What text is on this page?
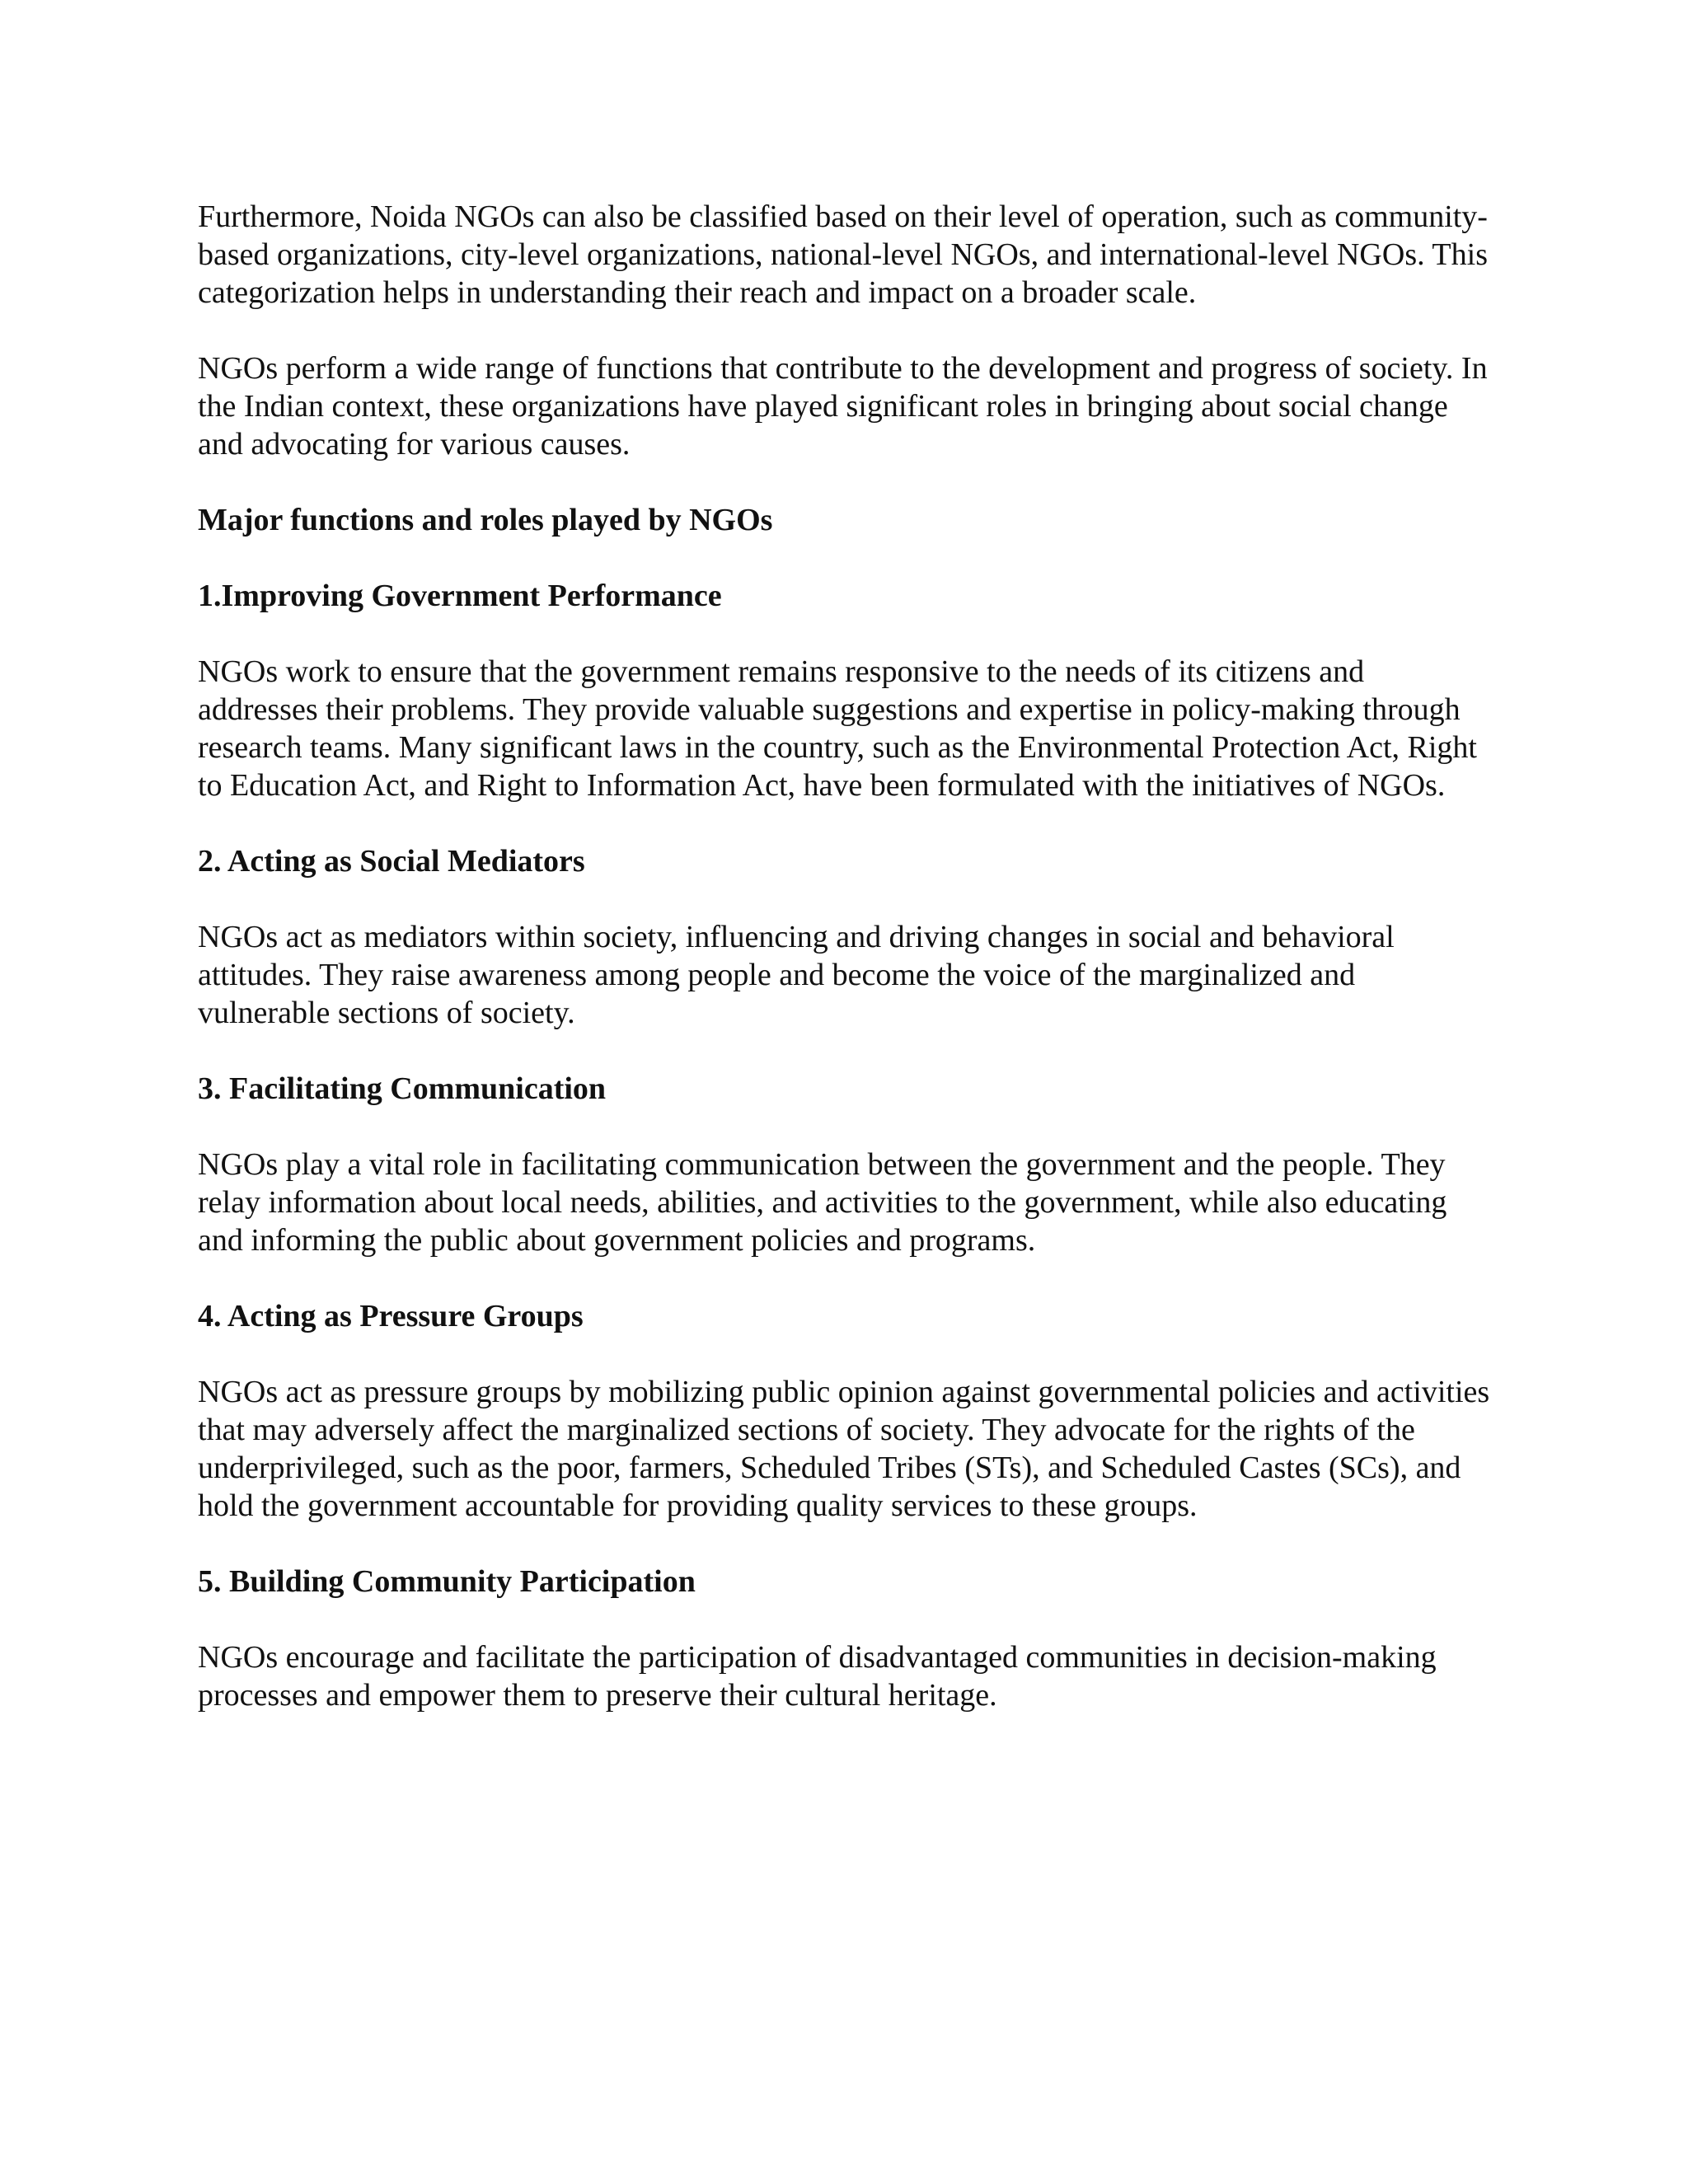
Furthermore, Noida NGOs can also be classified based on their level of operation, such as community-based organizations, city-level organizations, national-level NGOs, and international-level NGOs. This categorization helps in understanding their reach and impact on a broader scale.

NGOs perform a wide range of functions that contribute to the development and progress of society. In the Indian context, these organizations have played significant roles in bringing about social change and advocating for various causes.

Major functions and roles played by NGOs

1.Improving Government Performance

NGOs work to ensure that the government remains responsive to the needs of its citizens and addresses their problems. They provide valuable suggestions and expertise in policy-making through research teams. Many significant laws in the country, such as the Environmental Protection Act, Right to Education Act, and Right to Information Act, have been formulated with the initiatives of NGOs.

2. Acting as Social Mediators

NGOs act as mediators within society, influencing and driving changes in social and behavioral attitudes. They raise awareness among people and become the voice of the marginalized and vulnerable sections of society.

3. Facilitating Communication

NGOs play a vital role in facilitating communication between the government and the people. They relay information about local needs, abilities, and activities to the government, while also educating and informing the public about government policies and programs.

4. Acting as Pressure Groups

NGOs act as pressure groups by mobilizing public opinion against governmental policies and activities that may adversely affect the marginalized sections of society. They advocate for the rights of the underprivileged, such as the poor, farmers, Scheduled Tribes (STs), and Scheduled Castes (SCs), and hold the government accountable for providing quality services to these groups.

5. Building Community Participation

NGOs encourage and facilitate the participation of disadvantaged communities in decision-making processes and empower them to preserve their cultural heritage.
